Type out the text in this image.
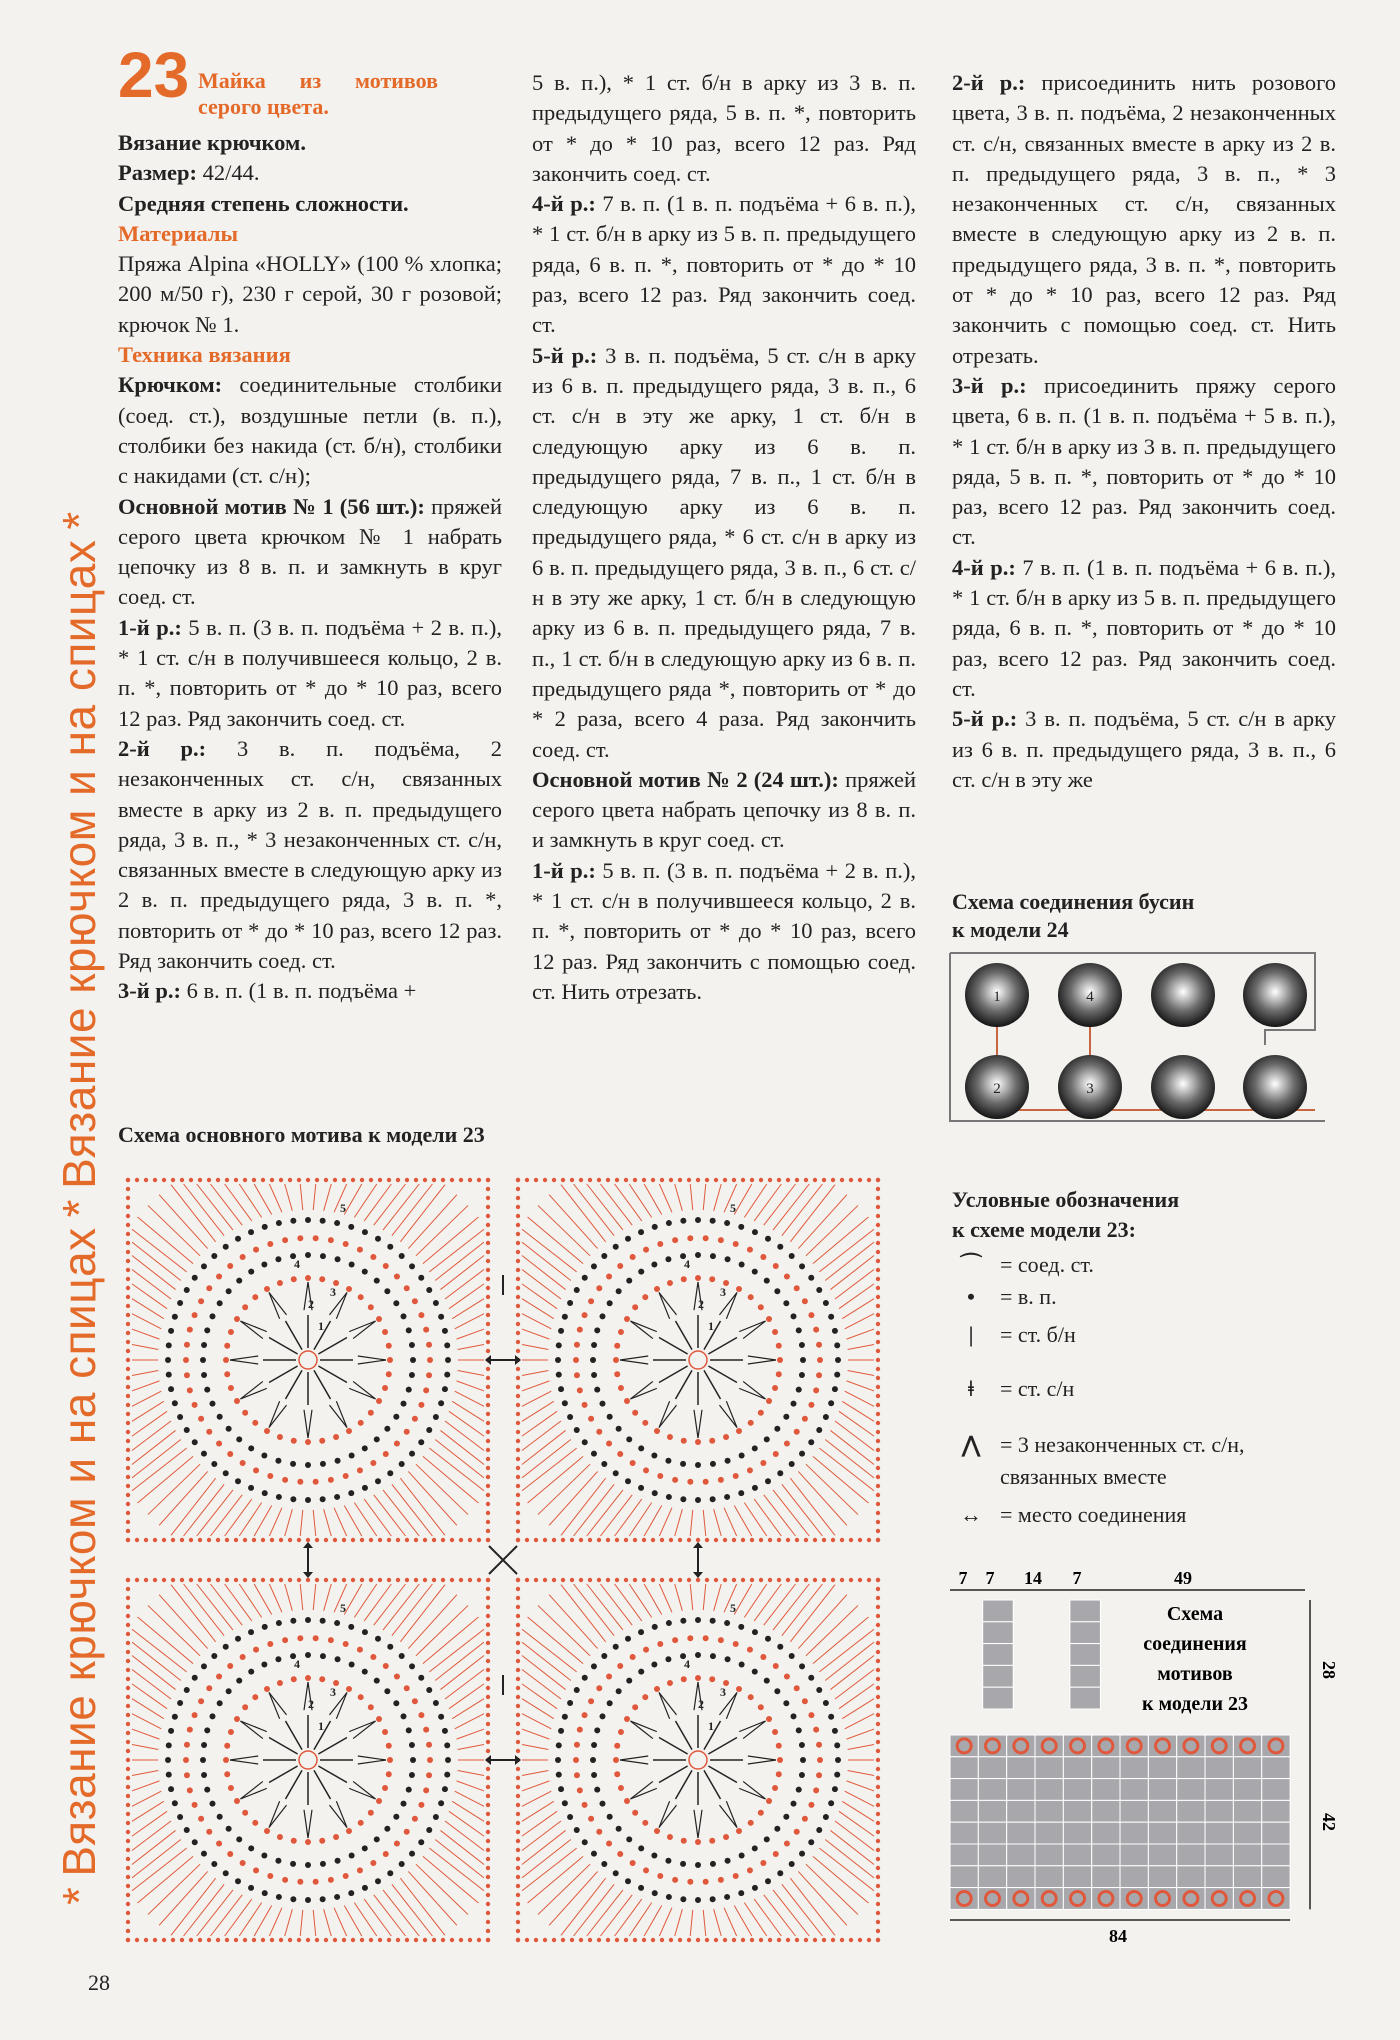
*Вязание крючком и на спицах*Вязание крючком и на спицах*
23 Майка из мотивов серого цвета.

Вязание крючком.

Размер: 42/44.

Средняя степень сложности.

Материалы

Пряжа Alpina «HOLLY» (100 % хлопка; 200 м/50 г), 230 г серой, 30 г розовой; крючок № 1.

Техника вязания

Крючком: соединительные столбики (соед. ст.), воздушные петли (в. п.), столбики без накида (ст. б/н), столбики с накидами (ст. с/н);

Основной мотив № 1 (56 шт.): пряжей серого цвета крючком № 1 набрать цепочку из 8 в. п. и замкнуть в круг соед. ст.

1-й р.: 5 в. п. (3 в. п. подъёма + 2 в. п.), * 1 ст. с/н в получившееся кольцо, 2 в. п. *, повторить от * до * 10 раз, всего 12 раз. Ряд закончить соед. ст.

2-й р.: 3 в. п. подъёма, 2 незаконченных ст. с/н, связанных вместе в арку из 2 в. п. предыдущего ряда, 3 в. п., * 3 незаконченных ст. с/н, связанных вместе в следующую арку из 2 в. п. предыдущего ряда, 3 в. п. *, повторить от * до * 10 раз, всего 12 раз. Ряд закончить соед. ст.

3-й р.: 6 в. п. (1 в. п. подъёма +

5 в. п.), * 1 ст. б/н в арку из 3 в. п. предыдущего ряда, 5 в. п. *, повторить от * до * 10 раз, всего 12 раз. Ряд закончить соед. ст.

4-й р.: 7 в. п. (1 в. п. подъёма + 6 в. п.), * 1 ст. б/н в арку из 5 в. п. предыдущего ряда, 6 в. п. *, повторить от * до * 10 раз, всего 12 раз. Ряд закончить соед. ст.

5-й р.: 3 в. п. подъёма, 5 ст. с/н в арку из 6 в. п. предыдущего ряда, 3 в. п., 6 ст. с/н в эту же арку, 1 ст. б/н в следующую арку из 6 в. п. предыдущего ряда, 7 в. п., 1 ст. б/н в следующую арку из 6 в. п. предыдущего ряда, * 6 ст. с/н в арку из 6 в. п. предыдущего ряда, 3 в. п., 6 ст. с/н в эту же арку, 1 ст. б/н в следующую арку из 6 в. п. предыдущего ряда, 7 в. п., 1 ст. б/н в следующую арку из 6 в. п. предыдущего ряда *, повторить от * до * 2 раза, всего 4 раза. Ряд закончить соед. ст.

Основной мотив № 2 (24 шт.): пряжей серого цвета набрать цепочку из 8 в. п. и замкнуть в круг соед. ст.

1-й р.: 5 в. п. (3 в. п. подъёма + 2 в. п.), * 1 ст. с/н в получившееся кольцо, 2 в. п. *, повторить от * до * 10 раз, всего 12 раз. Ряд закончить с помощью соед. ст. Нить отрезать.

2-й р.: присоединить нить розового цвета, 3 в. п. подъёма, 2 незаконченных ст. с/н, связанных вместе в арку из 2 в. п. предыдущего ряда, 3 в. п., * 3 незаконченных ст. с/н, связанных вместе в следующую арку из 2 в. п. предыдущего ряда, 3 в. п. *, повторить от * до * 10 раз, всего 12 раз. Ряд закончить с помощью соед. ст. Нить отрезать.

3-й р.: присоединить пряжу серого цвета, 6 в. п. (1 в. п. подъёма + 5 в. п.), * 1 ст. б/н в арку из 3 в. п. предыдущего ряда, 5 в. п. *, повторить от * до * 10 раз, всего 12 раз. Ряд закончить соед. ст.

4-й р.: 7 в. п. (1 в. п. подъёма + 6 в. п.), * 1 ст. б/н в арку из 5 в. п. предыдущего ряда, 6 в. п. *, повторить от * до * 10 раз, всего 12 раз. Ряд закончить соед. ст.

5-й р.: 3 в. п. подъёма, 5 ст. с/н в арку из 6 в. п. предыдущего ряда, 3 в. п., 6 ст. с/н в эту же

Схема соединения бусин
к модели 24
1	4
2	3
Схема основного мотива к модели 23
1
2
3
4
5
1
2
3
4
5
1
2
3
4
5
1
2
3
4
5
Условные обозначения
к схеме модели 23:
⌒ = соед. ст.
•	= в. п.
|	= ст. б/н
ǂ	= ст. с/н
⋀ = 3 незаконченных ст. с/н, связанных вместе
↔ = место соединения
7 7 14 7	49
28
42
84
Схема
соединения
мотивов
к модели 23
28
